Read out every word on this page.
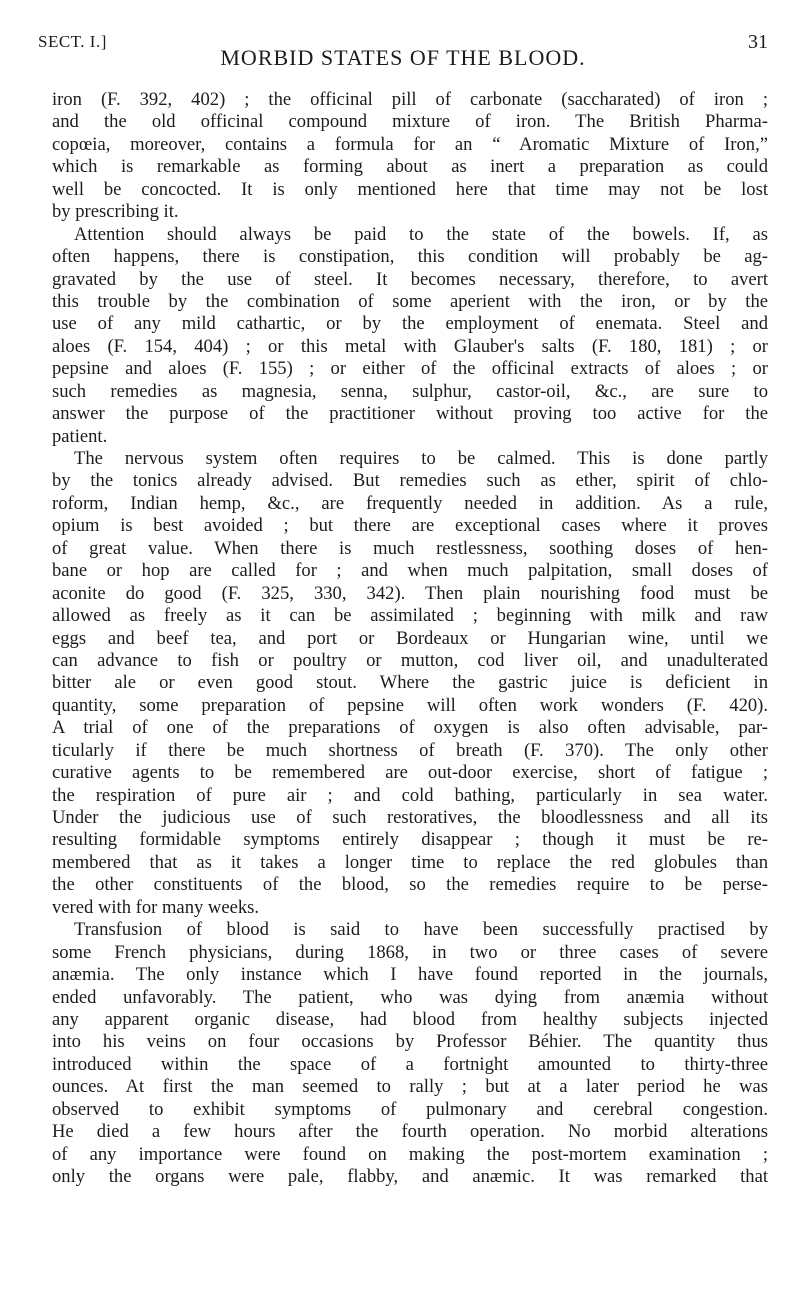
SECT. I.]
MORBID STATES OF THE BLOOD.
31
iron (F. 392, 402) ; the officinal pill of carbonate (saccharated) of iron ;
and the old officinal compound mixture of iron. The British Pharma-
copœia, moreover, contains a formula for an “ Aromatic Mixture of Iron,”
which is remarkable as forming about as inert a preparation as could
well be concocted. It is only mentioned here that time may not be lost
by prescribing it.
Attention should always be paid to the state of the bowels. If, as
often happens, there is constipation, this condition will probably be ag-
gravated by the use of steel. It becomes necessary, therefore, to avert
this trouble by the combination of some aperient with the iron, or by the
use of any mild cathartic, or by the employment of enemata. Steel and
aloes (F. 154, 404) ; or this metal with Glauber's salts (F. 180, 181) ; or
pepsine and aloes (F. 155) ; or either of the officinal extracts of aloes ; or
such remedies as magnesia, senna, sulphur, castor-oil, &c., are sure to
answer the purpose of the practitioner without proving too active for the
patient.
The nervous system often requires to be calmed. This is done partly
by the tonics already advised. But remedies such as ether, spirit of chlo-
roform, Indian hemp, &c., are frequently needed in addition. As a rule,
opium is best avoided ; but there are exceptional cases where it proves
of great value. When there is much restlessness, soothing doses of hen-
bane or hop are called for ; and when much palpitation, small doses of
aconite do good (F. 325, 330, 342). Then plain nourishing food must be
allowed as freely as it can be assimilated ; beginning with milk and raw
eggs and beef tea, and port or Bordeaux or Hungarian wine, until we
can advance to fish or poultry or mutton, cod liver oil, and unadulterated
bitter ale or even good stout. Where the gastric juice is deficient in
quantity, some preparation of pepsine will often work wonders (F. 420).
A trial of one of the preparations of oxygen is also often advisable, par-
ticularly if there be much shortness of breath (F. 370). The only other
curative agents to be remembered are out-door exercise, short of fatigue ;
the respiration of pure air ; and cold bathing, particularly in sea water.
Under the judicious use of such restoratives, the bloodlessness and all its
resulting formidable symptoms entirely disappear ; though it must be re-
membered that as it takes a longer time to replace the red globules than
the other constituents of the blood, so the remedies require to be perse-
vered with for many weeks.
Transfusion of blood is said to have been successfully practised by
some French physicians, during 1868, in two or three cases of severe
anæmia. The only instance which I have found reported in the journals,
ended unfavorably. The patient, who was dying from anæmia without
any apparent organic disease, had blood from healthy subjects injected
into his veins on four occasions by Professor Béhier. The quantity thus
introduced within the space of a fortnight amounted to thirty-three
ounces. At first the man seemed to rally ; but at a later period he was
observed to exhibit symptoms of pulmonary and cerebral congestion.
He died a few hours after the fourth operation. No morbid alterations
of any importance were found on making the post-mortem examination ;
only the organs were pale, flabby, and anæmic. It was remarked that
